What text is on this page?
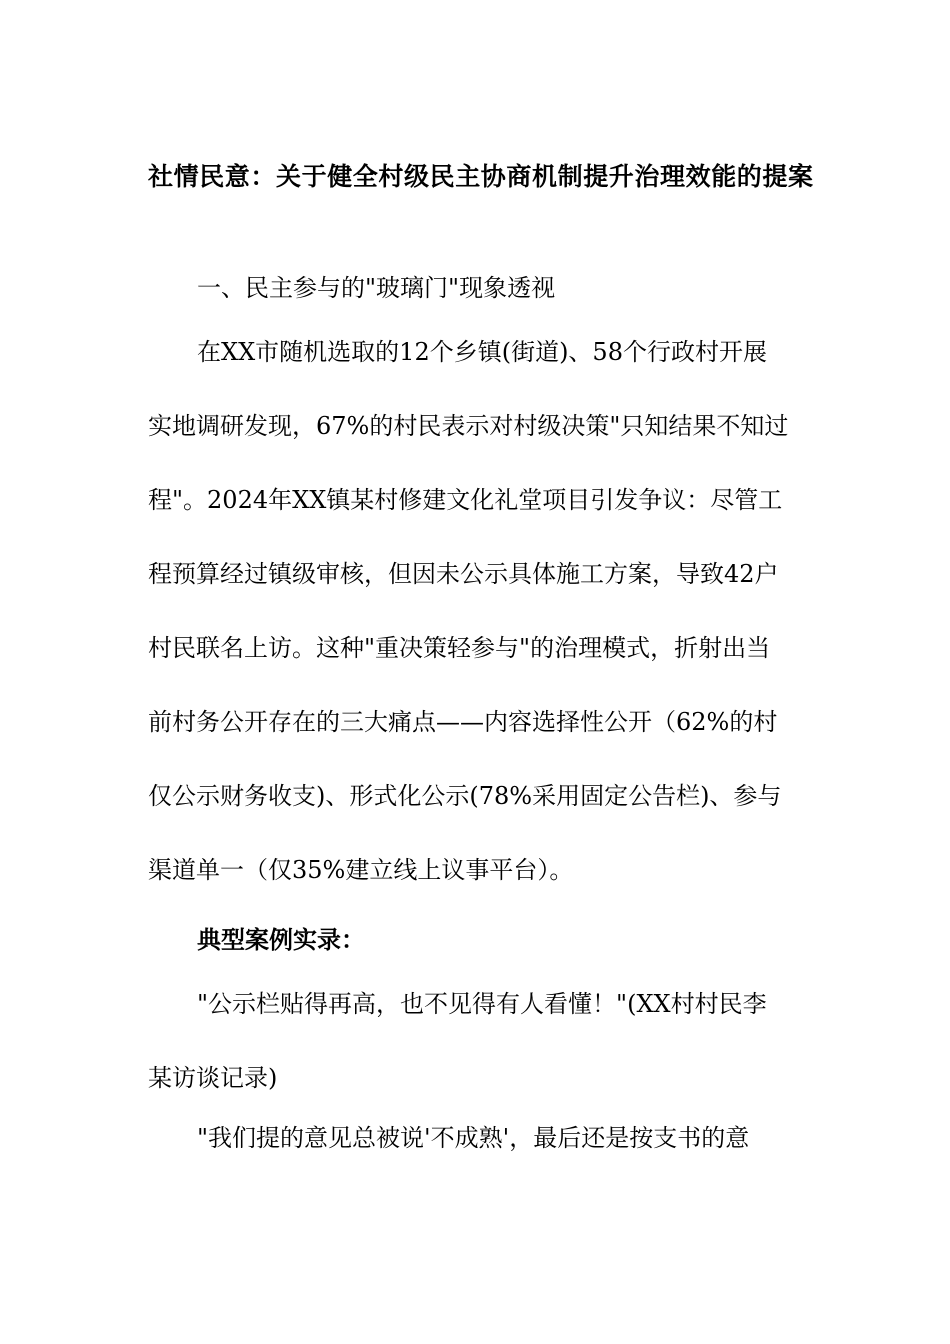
社情民意：关于健全村级民主协商机制提升治理效能的提案
一、民主参与的"玻璃门"现象透视
在XX市随机选取的12个乡镇(街道)、58个行政村开展
实地调研发现，67%的村民表示对村级决策"只知结果不知过
程"。2024年XX镇某村修建文化礼堂项目引发争议：尽管工
程预算经过镇级审核，但因未公示具体施工方案，导致42户
村民联名上访。这种"重决策轻参与"的治理模式，折射出当
前村务公开存在的三大痛点——内容选择性公开（62%的村
仅公示财务收支)、形式化公示(78%采用固定公告栏)、参与
渠道单一（仅35%建立线上议事平台）。
典型案例实录：
"公示栏贴得再高，也不见得有人看懂！"(XX村村民李
某访谈记录)
"我们提的意见总被说'不成熟'，最后还是按支书的意
